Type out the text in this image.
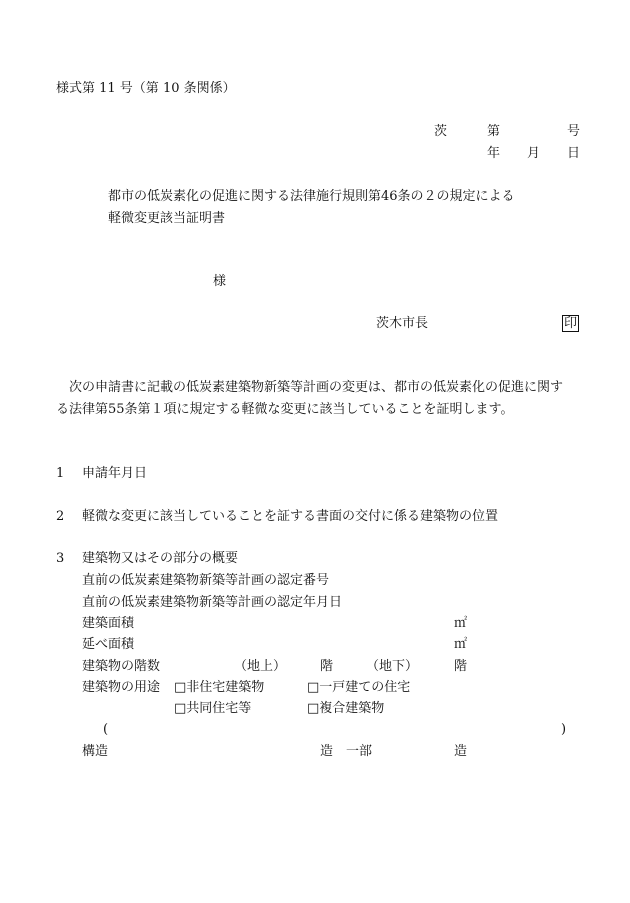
様式第 11 号（第 10 条関係）
茨	第	号
年 月 日
都市の低炭素化の促進に関する法律施行規則第46条の２の規定による
軽微変更該当証明書
様
茨木市長	印
　次の申請書に記載の低炭素建築物新築等計画の変更は、都市の低炭素化の促進に関す
る法律第55条第１項に規定する軽微な変更に該当していることを証明します。
1 申請年月日
2 軽微な変更に該当していることを証する書面の交付に係る建築物の位置
3 建築物又はその部分の概要
直前の低炭素建築物新築等計画の認定番号
直前の低炭素建築物新築等計画の認定年月日
建築面積	㎡
延べ面積	㎡
建築物の階数	（地上）	階	（地下）	階
建築物の用途 □非住宅建築物	□一戸建ての住宅
□共同住宅等	□複合建築物
(	)
構造	造 一部	造
